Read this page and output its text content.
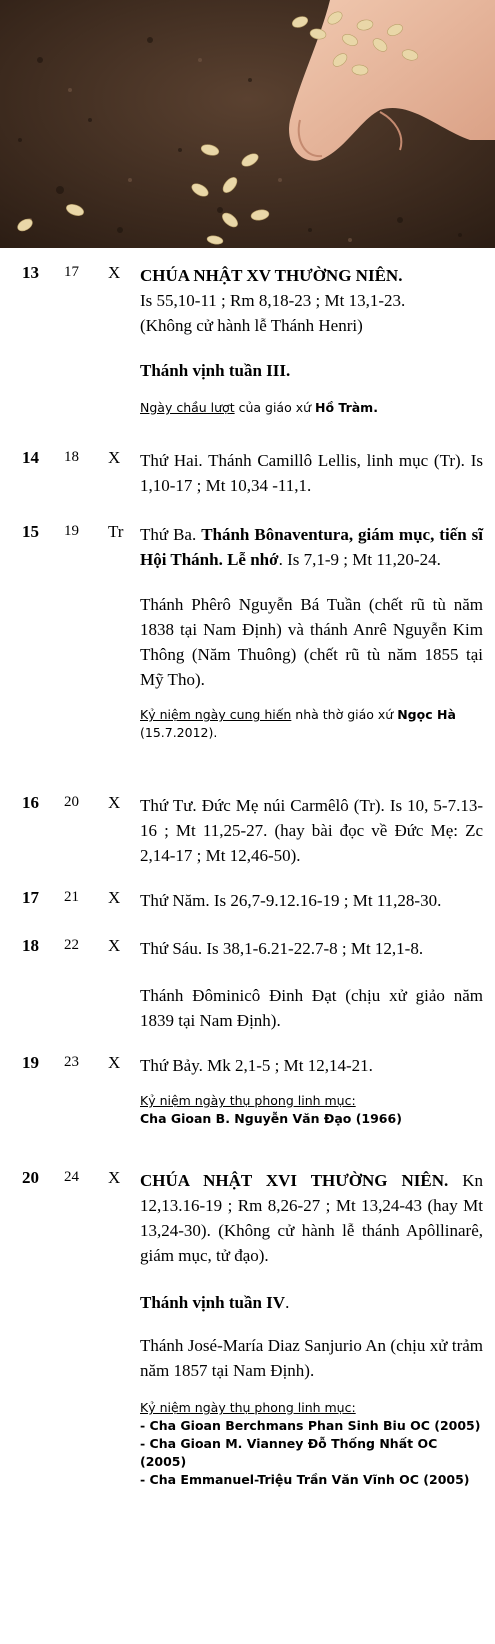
13 17 X CHÚA NHẬT XV THƯỜNG NIÊN.

Is 55,10-11 ; Rm 8,18-23 ; Mt 13,1-23.

(Không cử hành lễ Thánh Henri)

Thánh vịnh tuần III.

Ngày chầu lượt của giáo xứ Hồ Tràm.

14 18 X Thứ Hai. Thánh Camillô Lellis, linh mục (Tr). Is 1,10-17 ; Mt 10,34 -11,1.

15 19 Tr Thứ Ba. Thánh Bônaventura, giám mục, tiến sĩ Hội Thánh. Lễ nhớ. Is 7,1-9 ; Mt 11,20-24.

Thánh Phêrô Nguyễn Bá Tuần (chết rũ tù năm 1838 tại Nam Định) và thánh Anrê Nguyễn Kim Thông (Năm Thuông) (chết rũ tù năm 1855 tại Mỹ Tho).

Kỷ niệm ngày cung hiến nhà thờ giáo xứ Ngọc Hà (15.7.2012).

16 20 X Thứ Tư. Đức Mẹ núi Carmêlô (Tr). Is 10, 5-7.13-16 ; Mt 11,25-27. (hay bài đọc về Đức Mẹ: Zc 2,14-17 ; Mt 12,46-50).

17 21 X Thứ Năm. Is 26,7-9.12.16-19 ; Mt 11,28-30.

18 22 X Thứ Sáu. Is 38,1-6.21-22.7-8 ; Mt 12,1-8.

Thánh Đôminicô Đinh Đạt (chịu xử giảo năm 1839 tại Nam Định).

19 23 X Thứ Bảy. Mk 2,1-5 ; Mt 12,14-21.

Kỷ niệm ngày thụ phong linh mục:

Cha Gioan B. Nguyễn Văn Đạo (1966)

20 24 X CHÚA NHẬT XVI THƯỜNG NIÊN. Kn 12,13.16-19 ; Rm 8,26-27 ; Mt 13,24-43 (hay Mt 13,24-30). (Không cử hành lễ thánh Apôllinarê, giám mục, tử đạo).

Thánh vịnh tuần IV.

Thánh José-María Diaz Sanjurio An (chịu xử trảm năm 1857 tại Nam Định).

Kỷ niệm ngày thụ phong linh mục:

- Cha Gioan Berchmans Phan Sinh Biu OC (2005)

- Cha Gioan M. Vianney Đỗ Thống Nhất OC (2005)

- Cha Emmanuel-Triệu Trần Văn Vĩnh OC (2005)
